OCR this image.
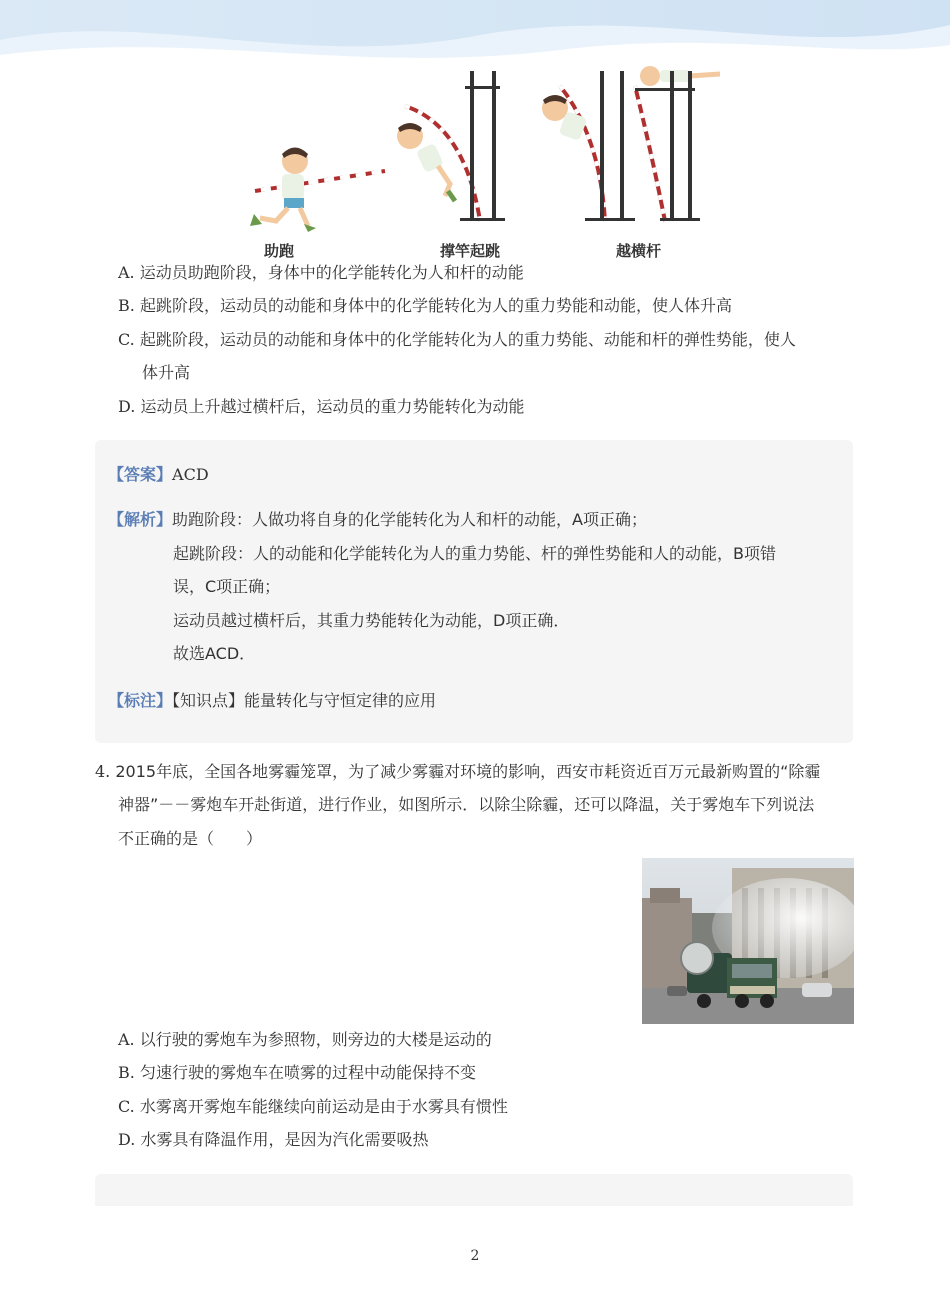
助跑	撑竿起跳	越横杆
A. 运动员助跑阶段，身体中的化学能转化为人和杆的动能
B. 起跳阶段，运动员的动能和身体中的化学能转化为人的重力势能和动能，使人体升高
C. 起跳阶段，运动员的动能和身体中的化学能转化为人的重力势能、动能和杆的弹性势能，使人
体升高
D. 运动员上升越过横杆后，运动员的重力势能转化为动能
【答案】ACD
【解析】助跑阶段：人做功将自身的化学能转化为人和杆的动能，A项正确；
起跳阶段：人的动能和化学能转化为人的重力势能、杆的弹性势能和人的动能，B项错
误，C项正确；
运动员越过横杆后，其重力势能转化为动能，D项正确．
故选ACD．
【标注】【知识点】能量转化与守恒定律的应用
4. 2015年底，全国各地雾霾笼罩，为了减少雾霾对环境的影响，西安市耗资近百万元最新购置的“除霾
神器”－－雾炮车开赴街道，进行作业，如图所示．以除尘除霾，还可以降温，关于雾炮车下列说法
不正确的是（　　）
A. 以行驶的雾炮车为参照物，则旁边的大楼是运动的
B. 匀速行驶的雾炮车在喷雾的过程中动能保持不变
C. 水雾离开雾炮车能继续向前运动是由于水雾具有惯性
D. 水雾具有降温作用，是因为汽化需要吸热
2
